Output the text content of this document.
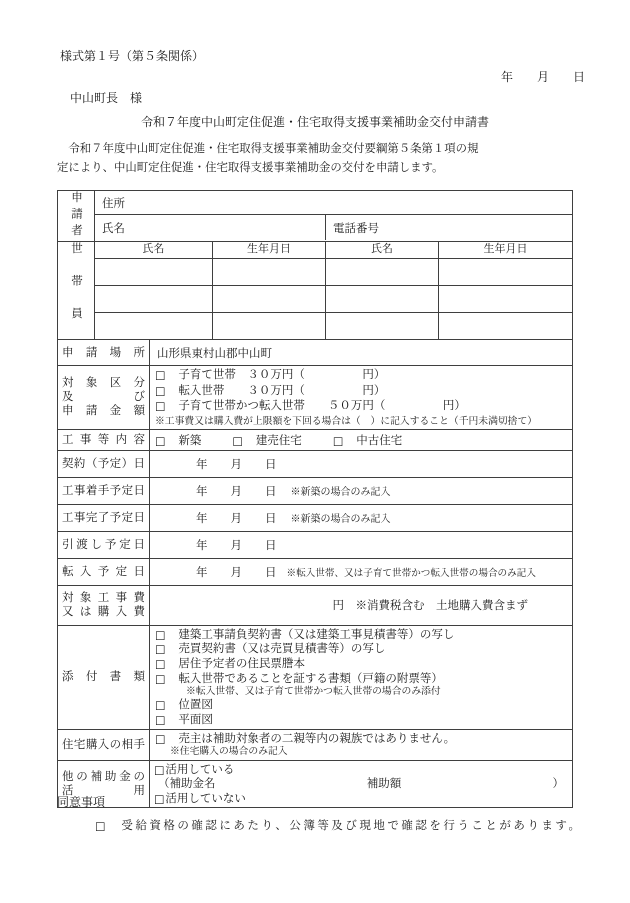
様式第１号（第５条関係）
年　　月　　日
中山町長　様
令和７年度中山町定住促進・住宅取得支援事業補助金交付申請書
　令和７年度中山町定住促進・住宅取得支援事業補助金交付要綱第５条第１項の規
定により、中山町定住促進・住宅取得支援事業補助金の交付を申請します。
申請者 住所
氏名	電話番号
世帯員	氏名	生年月日	氏名	生年月日
申請場所	山形県東村山郡中山町
対象区分
及び
申請金額
□ 子育て世帯　３０万円（　　　　　円）
□ 転入世帯　　３０万円（　　　　　円）
□ 子育て世帯かつ転入世帯　　５０万円（　　　　　円）
※工事費又は購入費が上限額を下回る場合は（　）に記入すること（千円未満切捨て）
工事等内容 □ 新築	□ 建売住宅	□ 中古住宅
契約（予定）日	年　　月　　日
工事着手予定日	年　　月　　日 ※新築の場合のみ記入
工事完了予定日	年　　月　　日 ※新築の場合のみ記入
引渡し予定日	年　　月　　日
転入予定日	年　　月　　日 ※転入世帯、又は子育て世帯かつ転入世帯の場合のみ記入
対象工事費
又は購入費	円　※消費税含む　土地購入費含まず
添付書類
□ 建築工事請負契約書（又は建築工事見積書等）の写し
□ 売買契約書（又は売買見積書等）の写し
□ 居住予定者の住民票謄本
□ 転入世帯であることを証する書類（戸籍の附票等）
※転入世帯、又は子育て世帯かつ転入世帯の場合のみ添付
□ 位置図
□ 平面図
住宅購入の相手 □ 売主は補助対象者の二親等内の親族ではありません。
※住宅購入の場合のみ記入
他の補助金の
活用
□活用している
（補助金名	補助額	）
□活用していない
同意事項
□ 受給資格の確認にあたり、公簿等及び現地で確認を行うことがあります。
